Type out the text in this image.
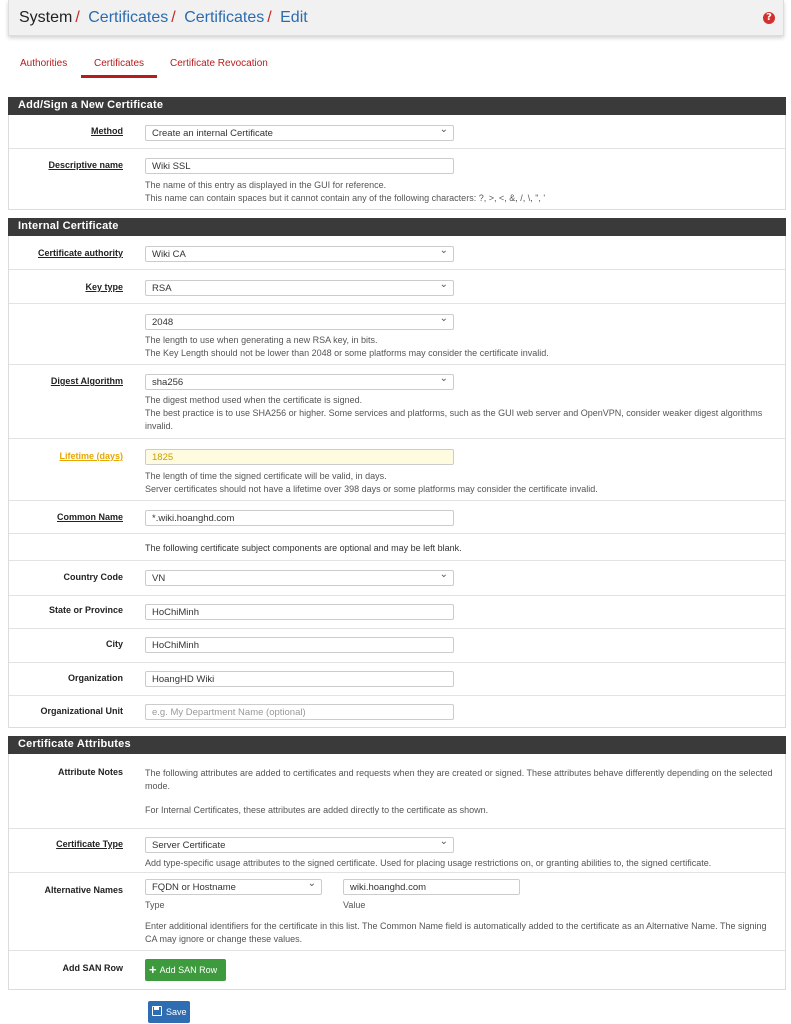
System / Certificates / Certificates / Edit	?
Authorities	Certificates	Certificate Revocation
Add/Sign a New Certificate
Method	Create an internal Certificate ⌄
Descriptive name	Wiki SSL
The name of this entry as displayed in the GUI for reference.
This name can contain spaces but it cannot contain any of the following characters: ?, >, <, &, /, \, ", '
Internal Certificate
Certificate authority	Wiki CA ⌄
Key type	RSA ⌄
2048 ⌄
The length to use when generating a new RSA key, in bits.
The Key Length should not be lower than 2048 or some platforms may consider the certificate invalid.
Digest Algorithm	sha256 ⌄
The digest method used when the certificate is signed.
The best practice is to use SHA256 or higher. Some services and platforms, such as the GUI web server and OpenVPN, consider weaker digest algorithms invalid.
Lifetime (days)	1825
The length of time the signed certificate will be valid, in days.
Server certificates should not have a lifetime over 398 days or some platforms may consider the certificate invalid.
Common Name	*.wiki.hoanghd.com
The following certificate subject components are optional and may be left blank.
Country Code	VN ⌄
State or Province	HoChiMinh
City	HoChiMinh
Organization	HoangHD Wiki
Organizational Unit	e.g. My Department Name (optional)
Certificate Attributes
Attribute Notes The following attributes are added to certificates and requests when they are created or signed. These attributes behave differently depending on the selected mode.
For Internal Certificates, these attributes are added directly to the certificate as shown.
Certificate Type	Server Certificate ⌄
Add type-specific usage attributes to the signed certificate. Used for placing usage restrictions on, or granting abilities to, the signed certificate.
Alternative Names	FQDN or Hostname ⌄	wiki.hoanghd.com
Type	Value
Enter additional identifiers for the certificate in this list. The Common Name field is automatically added to the certificate as an Alternative Name. The signing CA may ignore or change these values.
Add SAN Row	+ Add SAN Row
Save
